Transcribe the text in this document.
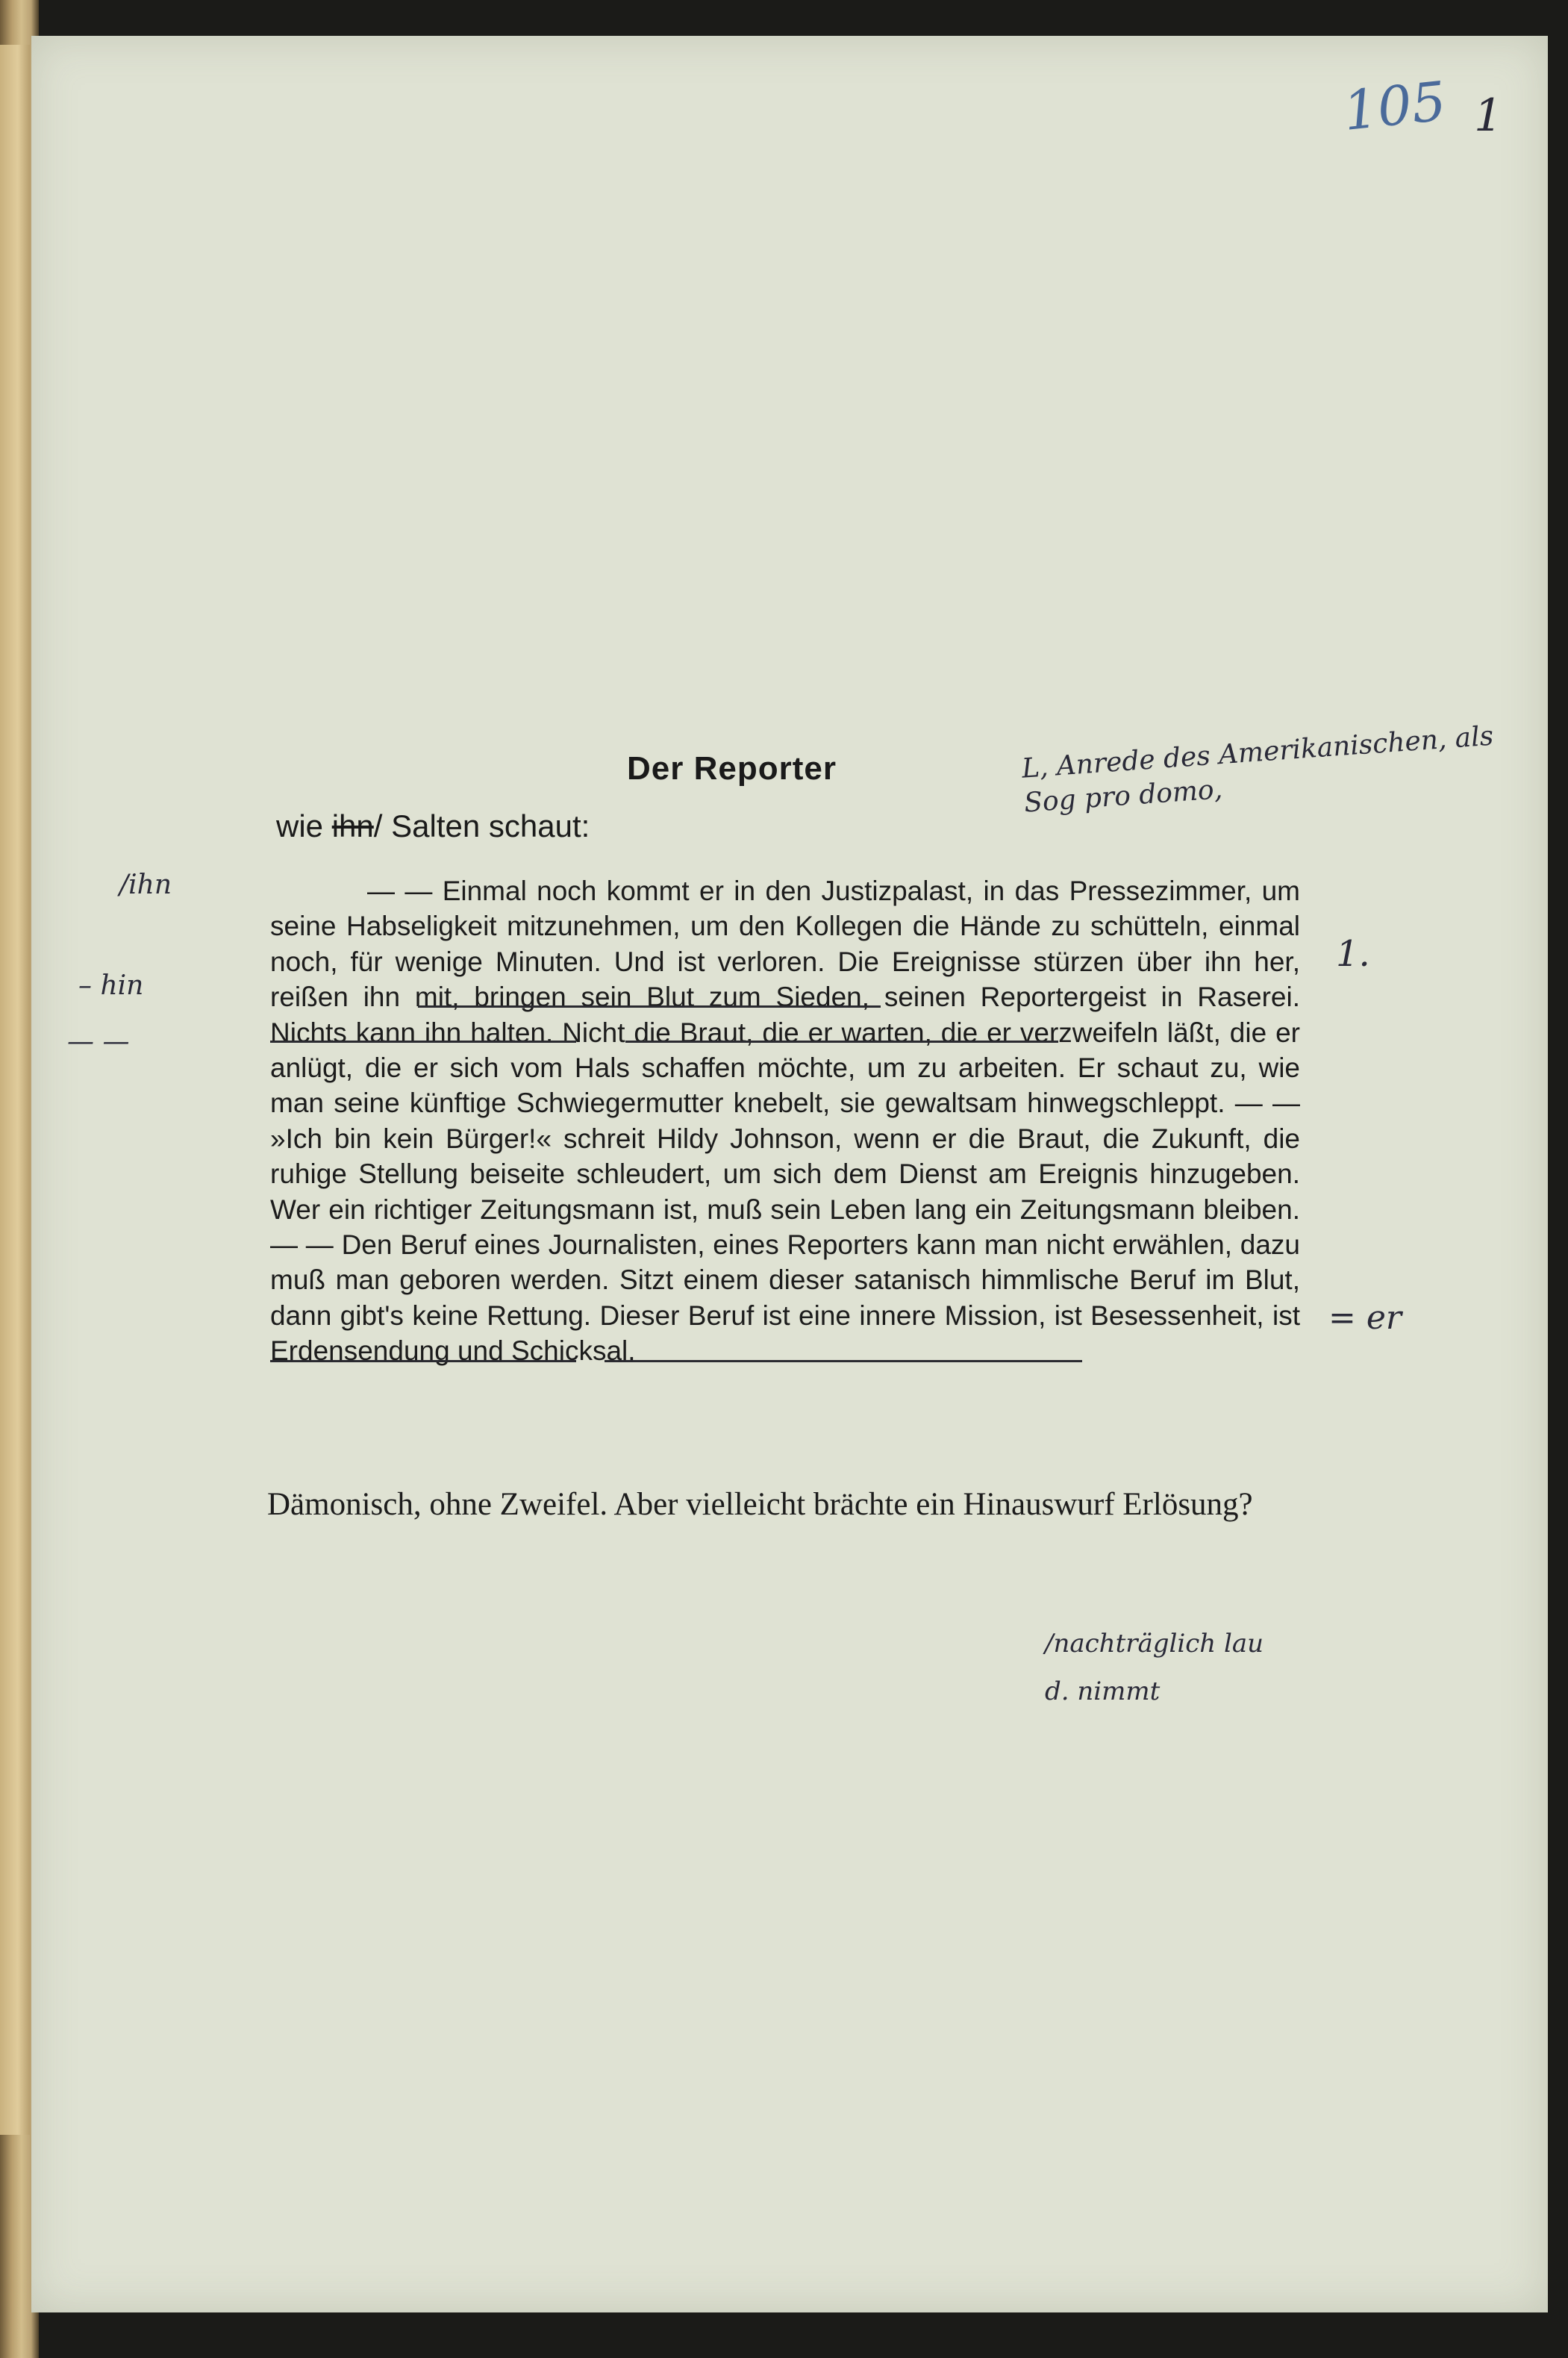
105 1
L, Anrede des Amerikanischen, als Sog pro domo,
Der Reporter
wie ihn/ Salten schaut:

— — Einmal noch kommt er in den Justizpalast, in das Pressezimmer, um seine Habseligkeit mitzunehmen, um den Kollegen die Hände zu schütteln, einmal noch, für wenige Minuten. Und ist verloren. Die Ereignisse stürzen über ihn her, reißen ihn mit, bringen sein Blut zum Sieden, seinen Reportergeist in Raserei. Nichts kann ihn halten. Nicht die Braut, die er warten, die er verzweifeln läßt, die er anlügt, die er sich vom Hals schaffen möchte, um zu arbeiten. Er schaut zu, wie man seine künftige Schwiegermutter knebelt, sie gewaltsam hinwegschleppt. — — »Ich bin kein Bürger!« schreit Hildy Johnson, wenn er die Braut, die Zukunft, die ruhige Stellung beiseite schleudert, um sich dem Dienst am Ereignis hinzugeben. Wer ein richtiger Zeitungsmann ist, muß sein Leben lang ein Zeitungsmann bleiben. — — Den Beruf eines Journalisten, eines Reporters kann man nicht erwählen, dazu muß man geboren werden. Sitzt einem dieser satanisch himmlische Beruf im Blut, dann gibt's keine Rettung. Dieser Beruf ist eine innere Mission, ist Besessenheit, ist Erdensendung und Schicksal.

Dämonisch, ohne Zweifel. Aber vielleicht brächte ein Hinauswurf Erlösung?

/ihn
– hin
— —
1.
= er
/nachträglich lau d. nimmt
